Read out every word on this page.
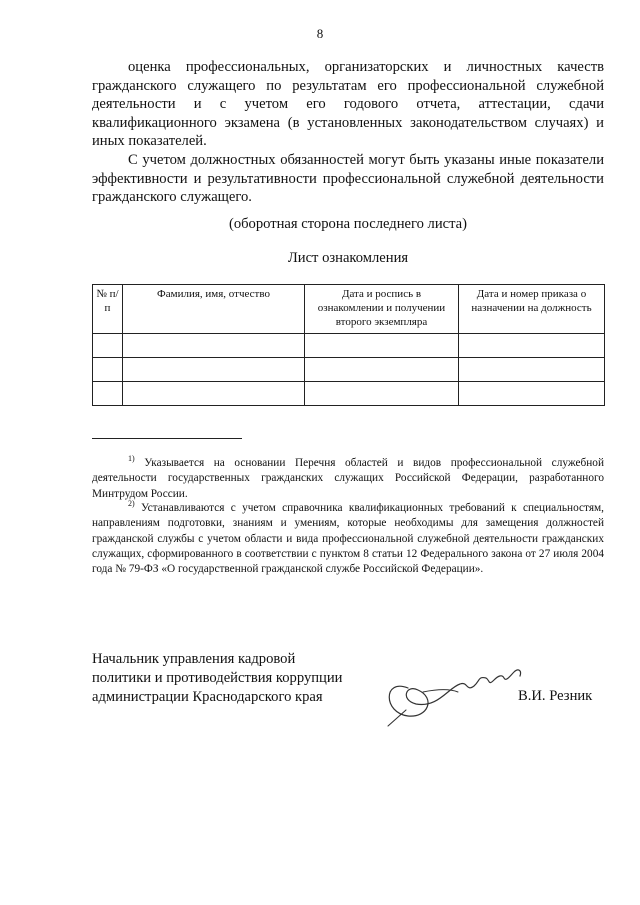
8

оценка профессиональных, организаторских и личностных качеств гражданского служащего по результатам его профессиональной служебной деятельности и с учетом его годового отчета, аттестации, сдачи квалификационного экзамена (в установленных законодательством случаях) и иных показателей.

С учетом должностных обязанностей могут быть указаны иные показатели эффективности и результативности профессиональной служебной деятельности гражданского служащего.

(оборотная сторона последнего листа)

Лист ознакомления

№ п/п	Фамилия, имя, отчество	Дата и роспись в ознакомлении и получении второго экземпляра	Дата и номер приказа о назначении на должность

$^{1)}$ Указывается на основании Перечня областей и видов профессиональной служебной деятельности государственных гражданских служащих Российской Федерации, разработанного Минтрудом России.

$^{2)}$ Устанавливаются с учетом справочника квалификационных требований к специальностям, направлениям подготовки, знаниям и умениям, которые необходимы для замещения должностей гражданской службы с учетом области и вида профессиональной служебной деятельности гражданских служащих, сформированного в соответствии с пунктом 8 статьи 12 Федерального закона от 27 июля 2004 года № 79-ФЗ «О государственной гражданской службе Российской Федерации».

Начальник управления кадровой
политики и противодействия коррупции
администрации Краснодарского края	В.И. Резник
